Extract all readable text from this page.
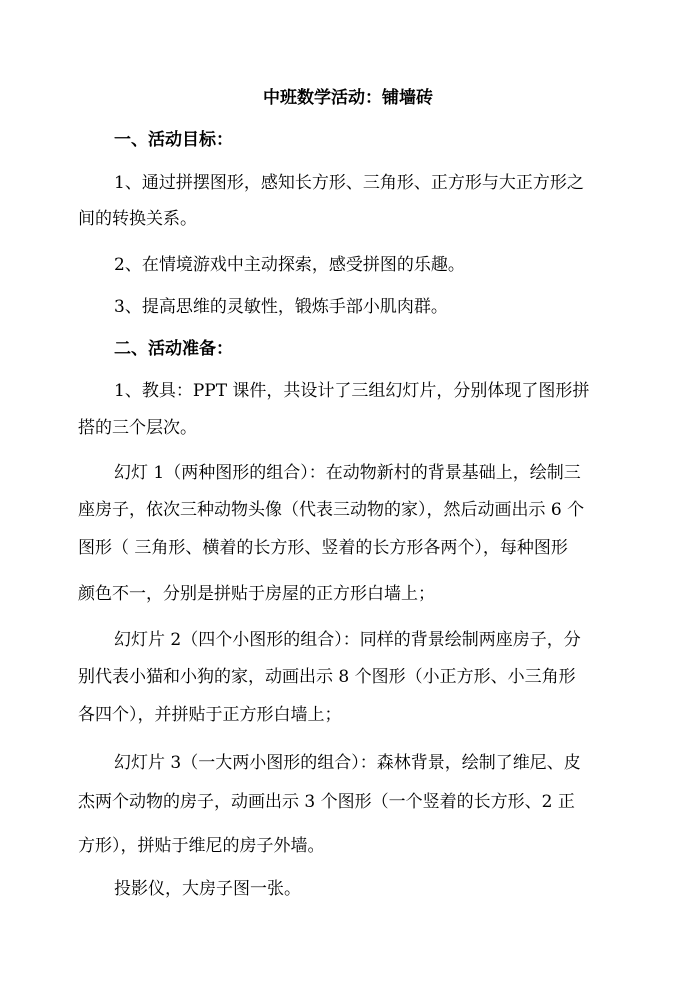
中班数学活动：铺墙砖
一、活动目标：
1、通过拼摆图形，感知长方形、三角形、正方形与大正方形之
间的转换关系。
2、在情境游戏中主动探索，感受拼图的乐趣。
3、提高思维的灵敏性，锻炼手部小肌肉群。
二、活动准备：
1、教具：PPT 课件，共设计了三组幻灯片，分别体现了图形拼
搭的三个层次。
幻灯 1（两种图形的组合）：在动物新村的背景基础上，绘制三
座房子，依次三种动物头像（代表三动物的家），然后动画出示 6 个
图形（ 三角形、横着的长方形、竖着的长方形各两个），每种图形
颜色不一，分别是拼贴于房屋的正方形白墙上；
幻灯片 2（四个小图形的组合）：同样的背景绘制两座房子，分
别代表小猫和小狗的家，动画出示 8 个图形（小正方形、小三角形
各四个），并拼贴于正方形白墙上；
幻灯片 3（一大两小图形的组合）：森林背景，绘制了维尼、皮
杰两个动物的房子，动画出示 3 个图形（一个竖着的长方形、2 正
方形），拼贴于维尼的房子外墙。
投影仪，大房子图一张。
